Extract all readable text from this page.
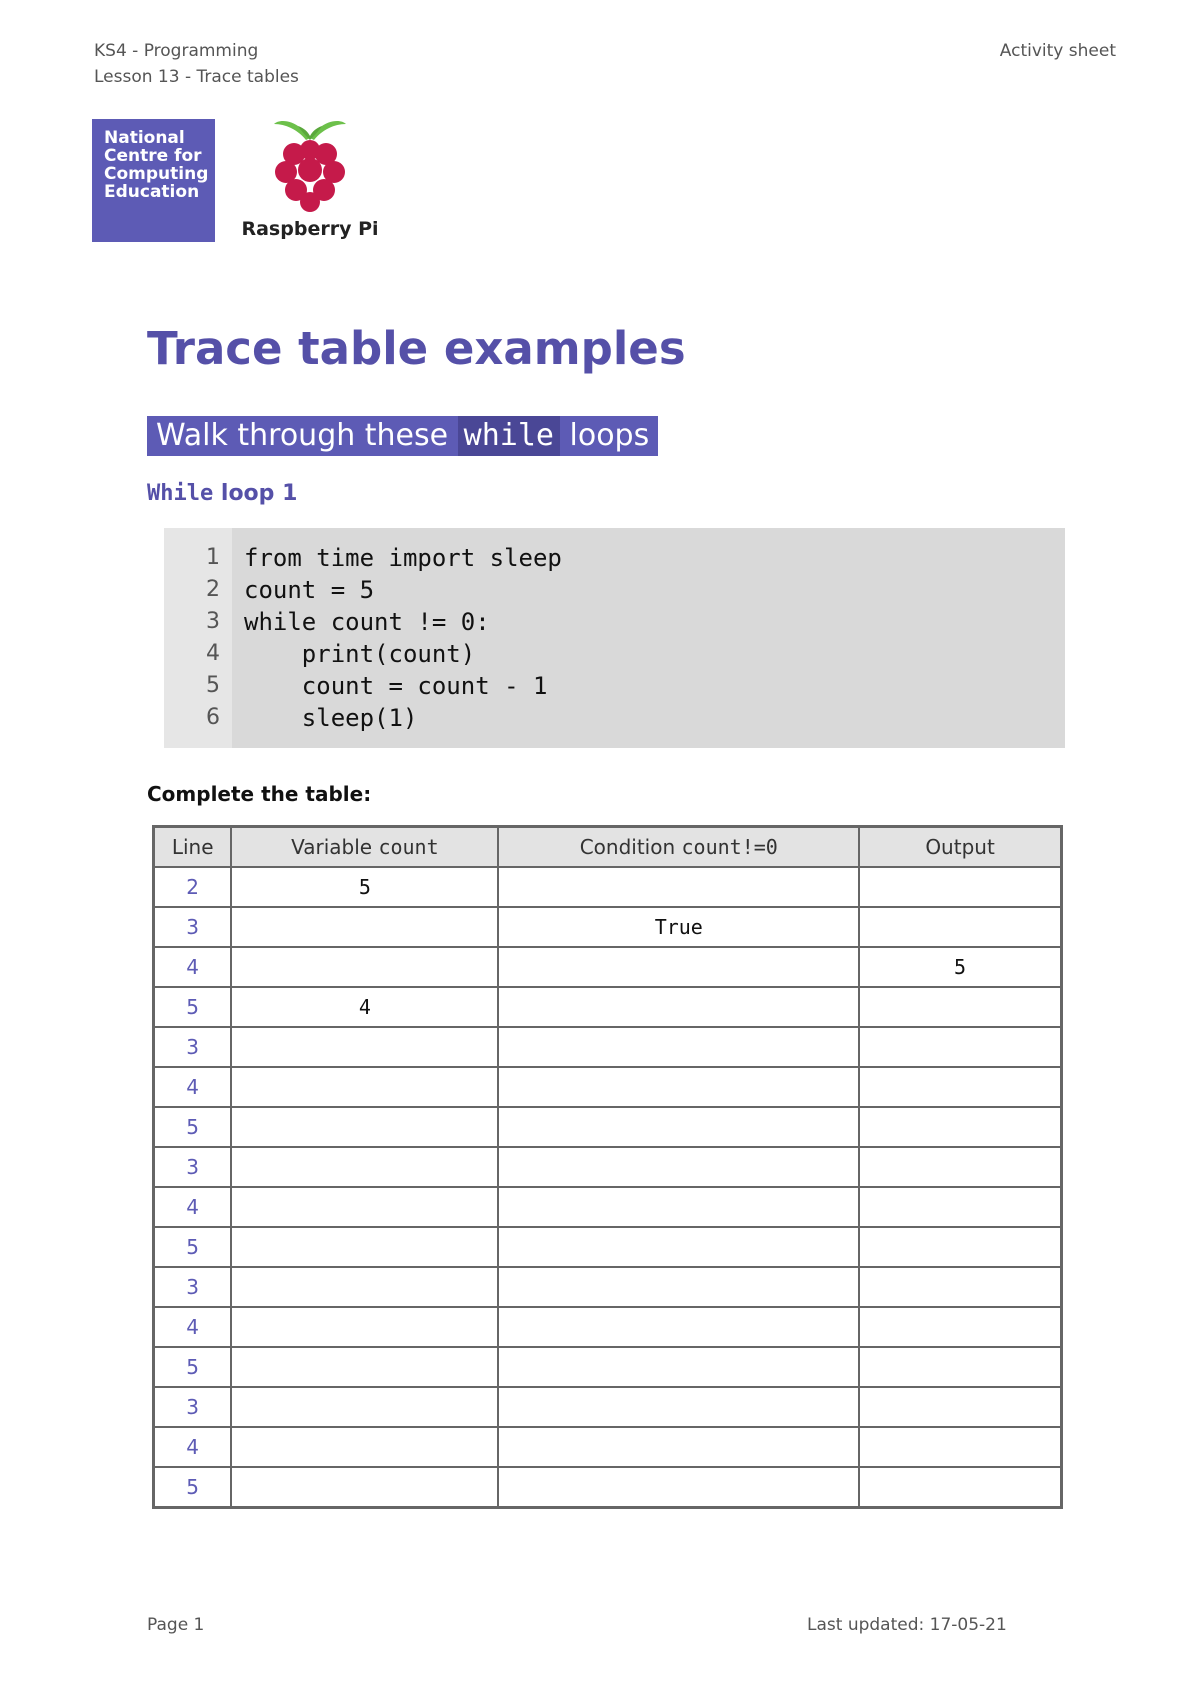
KS4 - Programming
Lesson 13 - Trace tables
Activity sheet
National
Centre for
Computing
Education
Raspberry Pi
Trace table examples
Walk through these while loops
While loop 1
1
2
3
4
5
6
from time import sleep
count = 5
while count != 0:
print(count)
count = count - 1
sleep(1)
Complete the table:
Line	Variable count	Condition count!=0	Output
2	5		
3		True	
4			5
5	4		
3			
4			
5			
3			
4			
5			
3			
4			
5			
3			
4			
5			
Page 1	Last updated: 17-05-21
